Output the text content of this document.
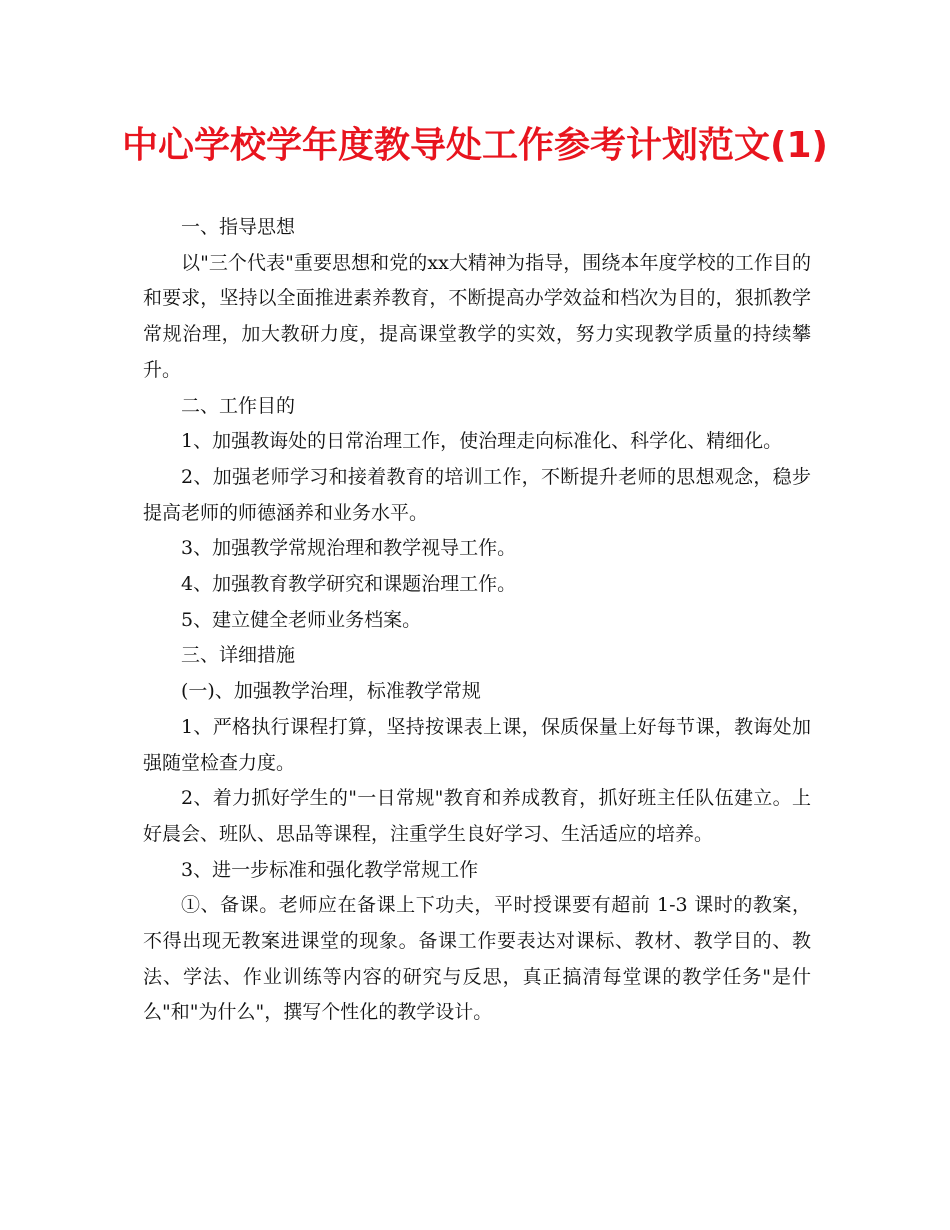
中心学校学年度教导处工作参考计划范文(1)

一、指导思想

以"三个代表"重要思想和党的xx大精神为指导，围绕本年度学校的工作目的和要求，坚持以全面推进素养教育，不断提高办学效益和档次为目的，狠抓教学常规治理，加大教研力度，提高课堂教学的实效，努力实现教学质量的持续攀升。

二、工作目的

1、加强教诲处的日常治理工作，使治理走向标准化、科学化、精细化。

2、加强老师学习和接着教育的培训工作，不断提升老师的思想观念，稳步提高老师的师德涵养和业务水平。

3、加强教学常规治理和教学视导工作。

4、加强教育教学研究和课题治理工作。

5、建立健全老师业务档案。

三、详细措施

(一)、加强教学治理，标准教学常规

1、严格执行课程打算，坚持按课表上课，保质保量上好每节课，教诲处加强随堂检查力度。

2、着力抓好学生的"一日常规"教育和养成教育，抓好班主任队伍建立。上好晨会、班队、思品等课程，注重学生良好学习、生活适应的培养。

3、进一步标准和强化教学常规工作

①、备课。老师应在备课上下功夫，平时授课要有超前 1-3 课时的教案，不得出现无教案进课堂的现象。备课工作要表达对课标、教材、教学目的、教法、学法、作业训练等内容的研究与反思，真正搞清每堂课的教学任务"是什么"和"为什么"，撰写个性化的教学设计。
